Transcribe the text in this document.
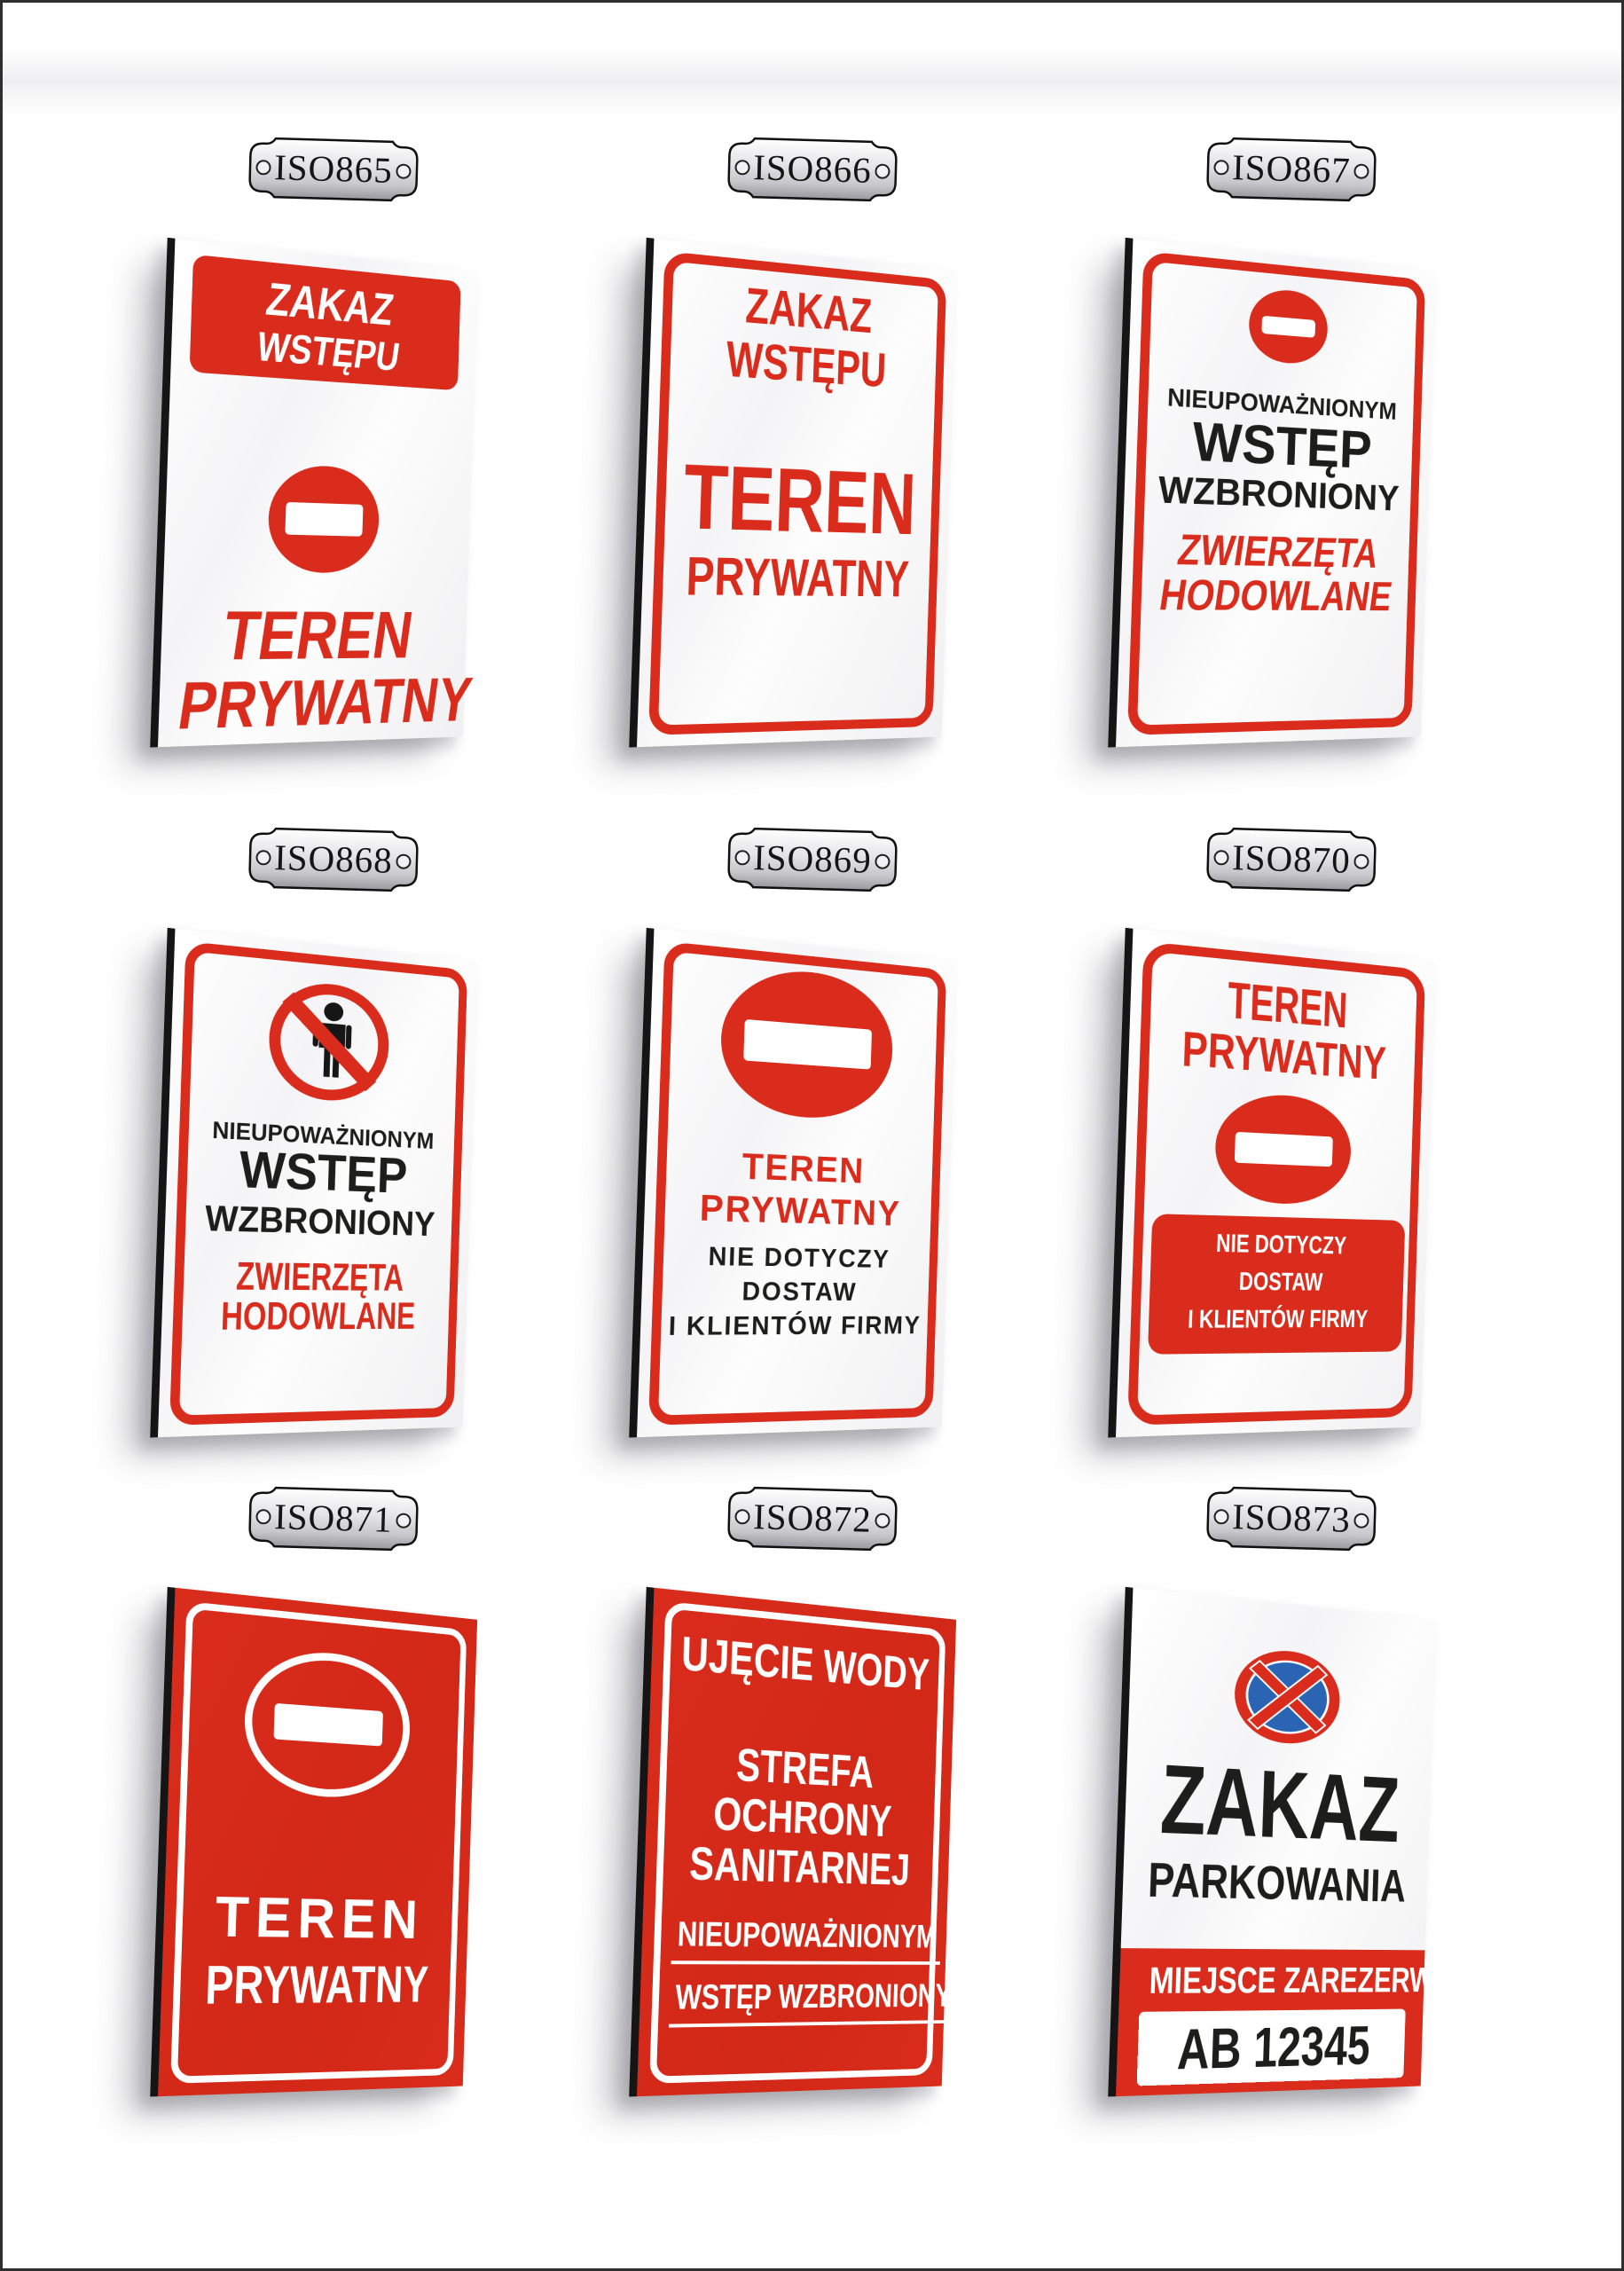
ISO865
ZAKAZ
WSTĘPU
TEREN
PRYWATNY
ISO866
ZAKAZ
WSTĘPU
TEREN
PRYWATNY
ISO867
NIEUPOWAŻNIONYM
WSTĘP
WZBRONIONY
ZWIERZĘTA
HODOWLANE
ISO868
NIEUPOWAŻNIONYM
WSTĘP
WZBRONIONY
ZWIERZĘTA
HODOWLANE
ISO869
TEREN
PRYWATNY
NIE DOTYCZY
DOSTAW
I KLIENTÓW FIRMY
ISO870
TEREN
PRYWATNY
NIE DOTYCZY
DOSTAW
I KLIENTÓW FIRMY
ISO871
TEREN
PRYWATNY
ISO872
UJĘCIE WODY
STREFA
OCHRONY
SANITARNEJ
NIEUPOWAŻNIONYM
WSTĘP WZBRONIONY
ISO873
ZAKAZ
PARKOWANIA
MIEJSCE ZAREZERWOWANE
AB 12345
